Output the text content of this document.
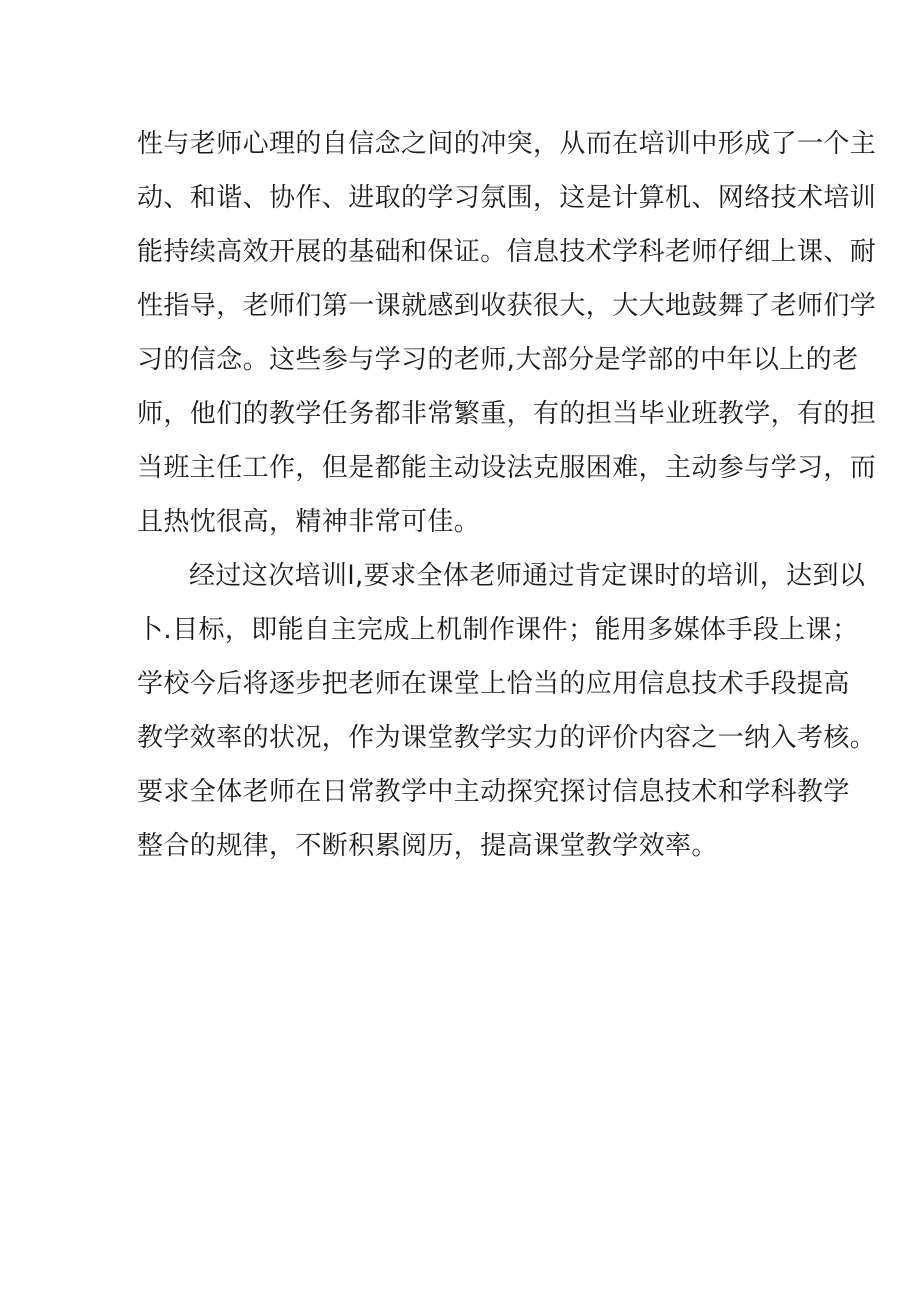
性与老师心理的自信念之间的冲突，从而在培训中形成了一个主
动、和谐、协作、进取的学习氛围，这是计算机、网络技术培训
能持续高效开展的基础和保证。信息技术学科老师仔细上课、耐
性指导，老师们第一课就感到收获很大，大大地鼓舞了老师们学
习的信念。这些参与学习的老师,大部分是学部的中年以上的老
师，他们的教学任务都非常繁重，有的担当毕业班教学，有的担
当班主任工作，但是都能主动设法克服困难，主动参与学习，而
且热忱很高，精神非常可佳。
经过这次培训l,要求全体老师通过肯定课时的培训，达到以
卜.目标，即能自主完成上机制作课件；能用多媒体手段上课；
学校今后将逐步把老师在课堂上恰当的应用信息技术手段提高
教学效率的状况，作为课堂教学实力的评价内容之一纳入考核。
要求全体老师在日常教学中主动探究探讨信息技术和学科教学
整合的规律，不断积累阅历，提高课堂教学效率。
